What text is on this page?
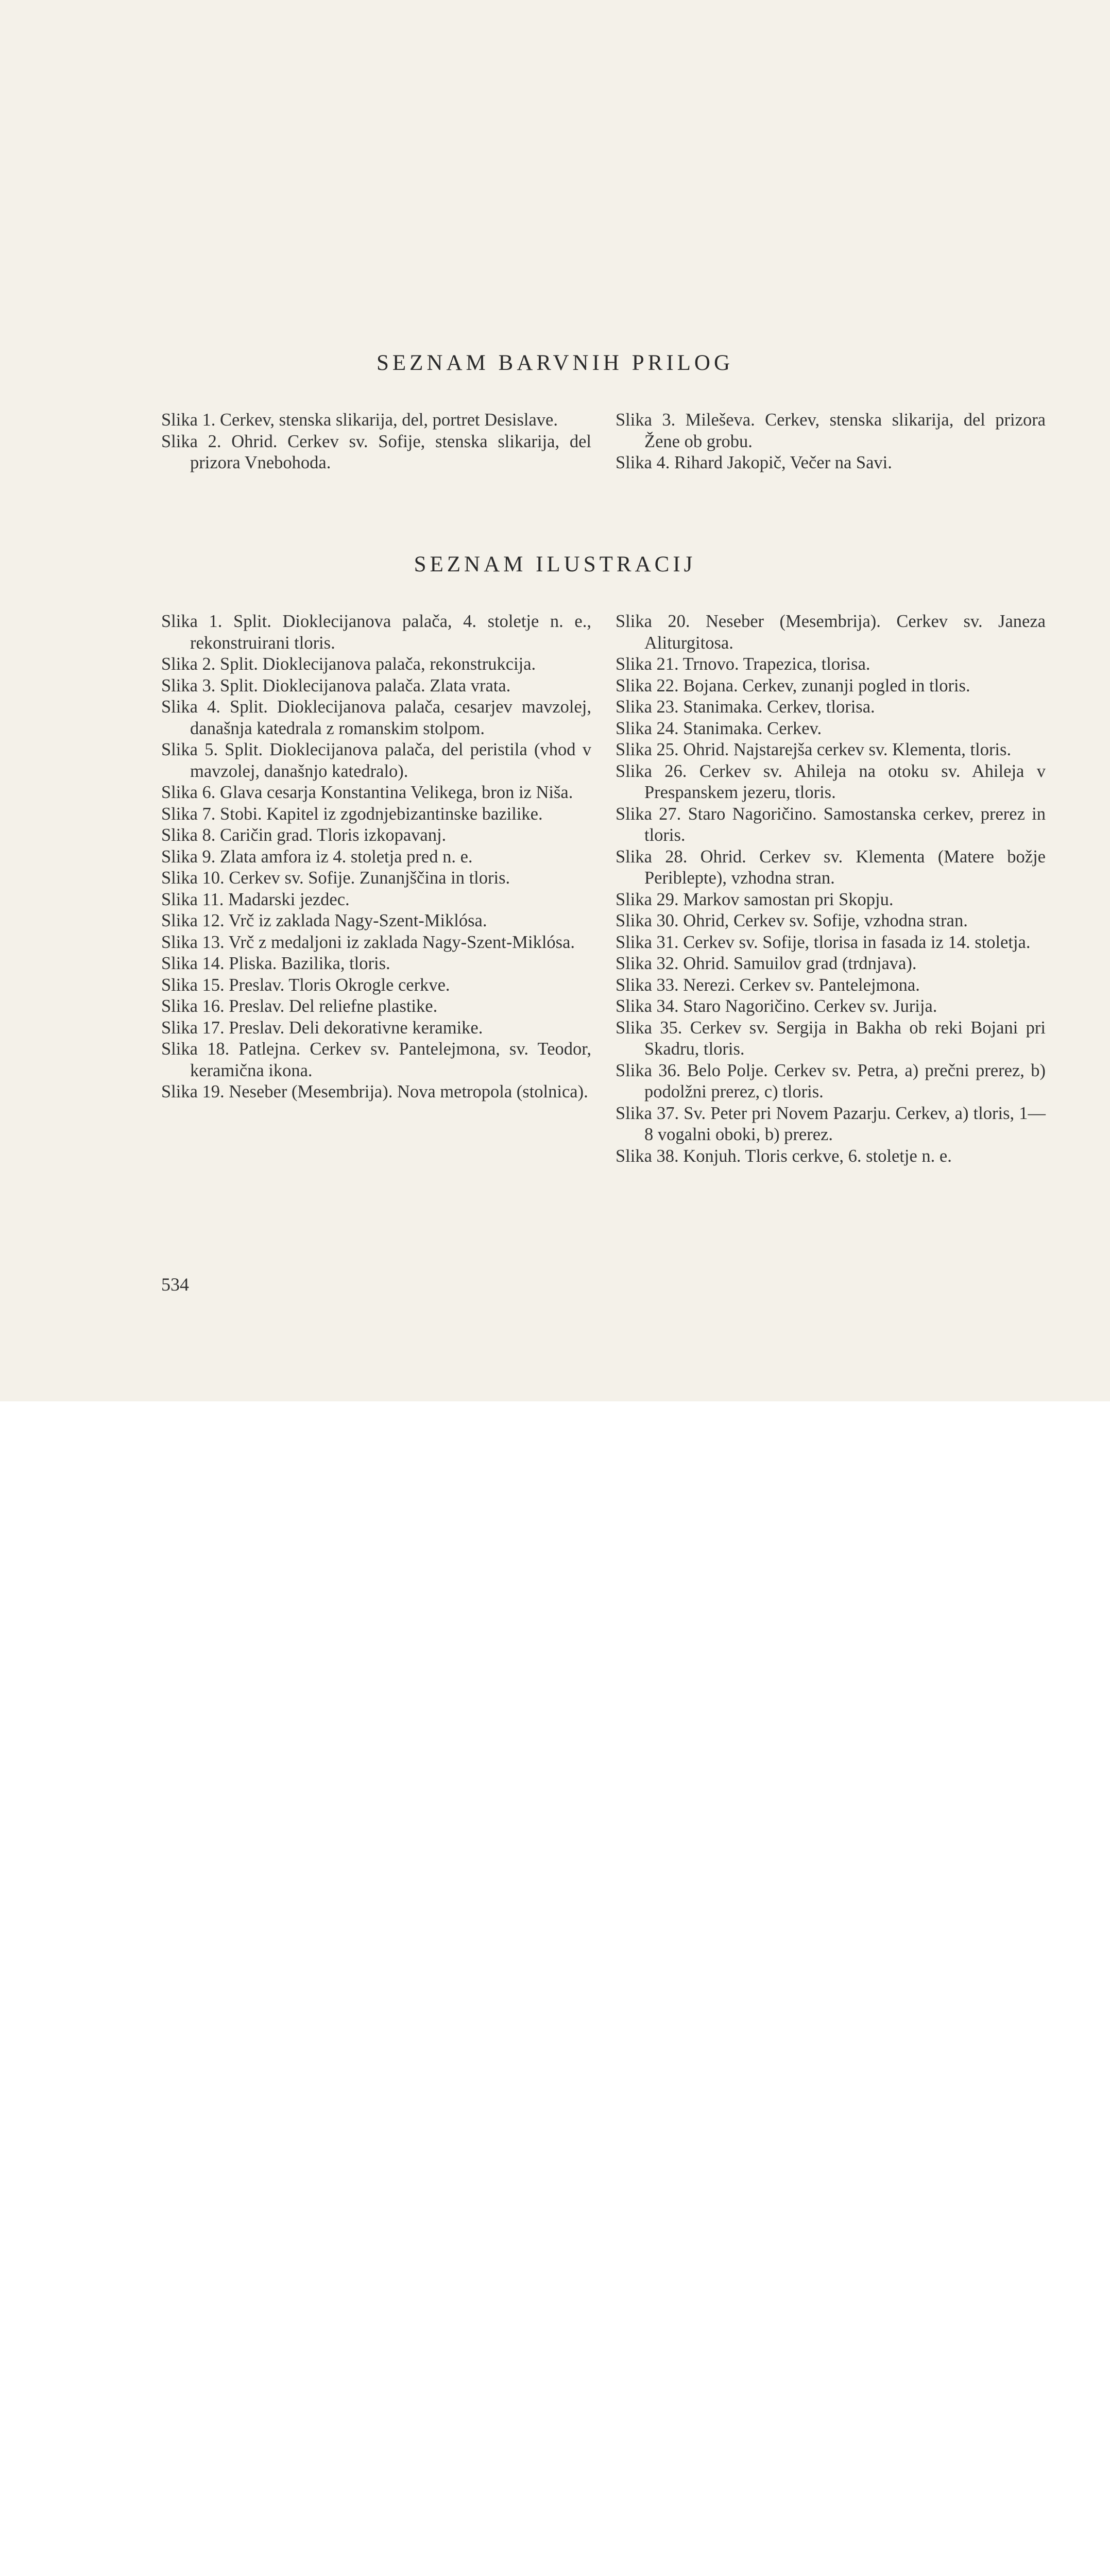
SEZNAM BARVNIH PRILOG
Slika 1. Cerkev, stenska slikarija, del, portret Desislave.
Slika 2. Ohrid. Cerkev sv. Sofije, stenska slikarija, del prizora Vnebohoda.
Slika 3. Mileševa. Cerkev, stenska slikarija, del prizora Žene ob grobu.
Slika 4. Rihard Jakopič, Večer na Savi.
SEZNAM ILUSTRACIJ
Slika 1. Split. Dioklecijanova palača, 4. stoletje n. e., rekonstruirani tloris.
Slika 2. Split. Dioklecijanova palača, rekonstrukcija.
Slika 3. Split. Dioklecijanova palača. Zlata vrata.
Slika 4. Split. Dioklecijanova palača, cesarjev mavzolej, današnja katedrala z romanskim stolpom.
Slika 5. Split. Dioklecijanova palača, del peristila (vhod v mavzolej, današnjo katedralo).
Slika 6. Glava cesarja Konstantina Velikega, bron iz Niša.
Slika 7. Stobi. Kapitel iz zgodnjebizantinske bazilike.
Slika 8. Caričin grad. Tloris izkopavanj.
Slika 9. Zlata amfora iz 4. stoletja pred n. e.
Slika 10. Cerkev sv. Sofije. Zunanjščina in tloris.
Slika 11. Madarski jezdec.
Slika 12. Vrč iz zaklada Nagy-Szent-Miklósa.
Slika 13. Vrč z medaljoni iz zaklada Nagy-Szent-Miklósa.
Slika 14. Pliska. Bazilika, tloris.
Slika 15. Preslav. Tloris Okrogle cerkve.
Slika 16. Preslav. Del reliefne plastike.
Slika 17. Preslav. Deli dekorativne keramike.
Slika 18. Patlejna. Cerkev sv. Pantelejmona, sv. Teodor, keramična ikona.
Slika 19. Neseber (Mesembrija). Nova metropola (stolnica).
Slika 20. Neseber (Mesembrija). Cerkev sv. Janeza Aliturgitosa.
Slika 21. Trnovo. Trapezica, tlorisa.
Slika 22. Bojana. Cerkev, zunanji pogled in tloris.
Slika 23. Stanimaka. Cerkev, tlorisa.
Slika 24. Stanimaka. Cerkev.
Slika 25. Ohrid. Najstarejša cerkev sv. Klementa, tloris.
Slika 26. Cerkev sv. Ahileja na otoku sv. Ahileja v Prespanskem jezeru, tloris.
Slika 27. Staro Nagoričino. Samostanska cerkev, prerez in tloris.
Slika 28. Ohrid. Cerkev sv. Klementa (Matere božje Periblepte), vzhodna stran.
Slika 29. Markov samostan pri Skopju.
Slika 30. Ohrid, Cerkev sv. Sofije, vzhodna stran.
Slika 31. Cerkev sv. Sofije, tlorisa in fasada iz 14. stoletja.
Slika 32. Ohrid. Samuilov grad (trdnjava).
Slika 33. Nerezi. Cerkev sv. Pantelejmona.
Slika 34. Staro Nagoričino. Cerkev sv. Jurija.
Slika 35. Cerkev sv. Sergija in Bakha ob reki Bojani pri Skadru, tloris.
Slika 36. Belo Polje. Cerkev sv. Petra, a) prečni prerez, b) podolžni prerez, c) tloris.
Slika 37. Sv. Peter pri Novem Pazarju. Cerkev, a) tloris, 1—8 vogalni oboki, b) prerez.
Slika 38. Konjuh. Tloris cerkve, 6. stoletje n. e.

534
